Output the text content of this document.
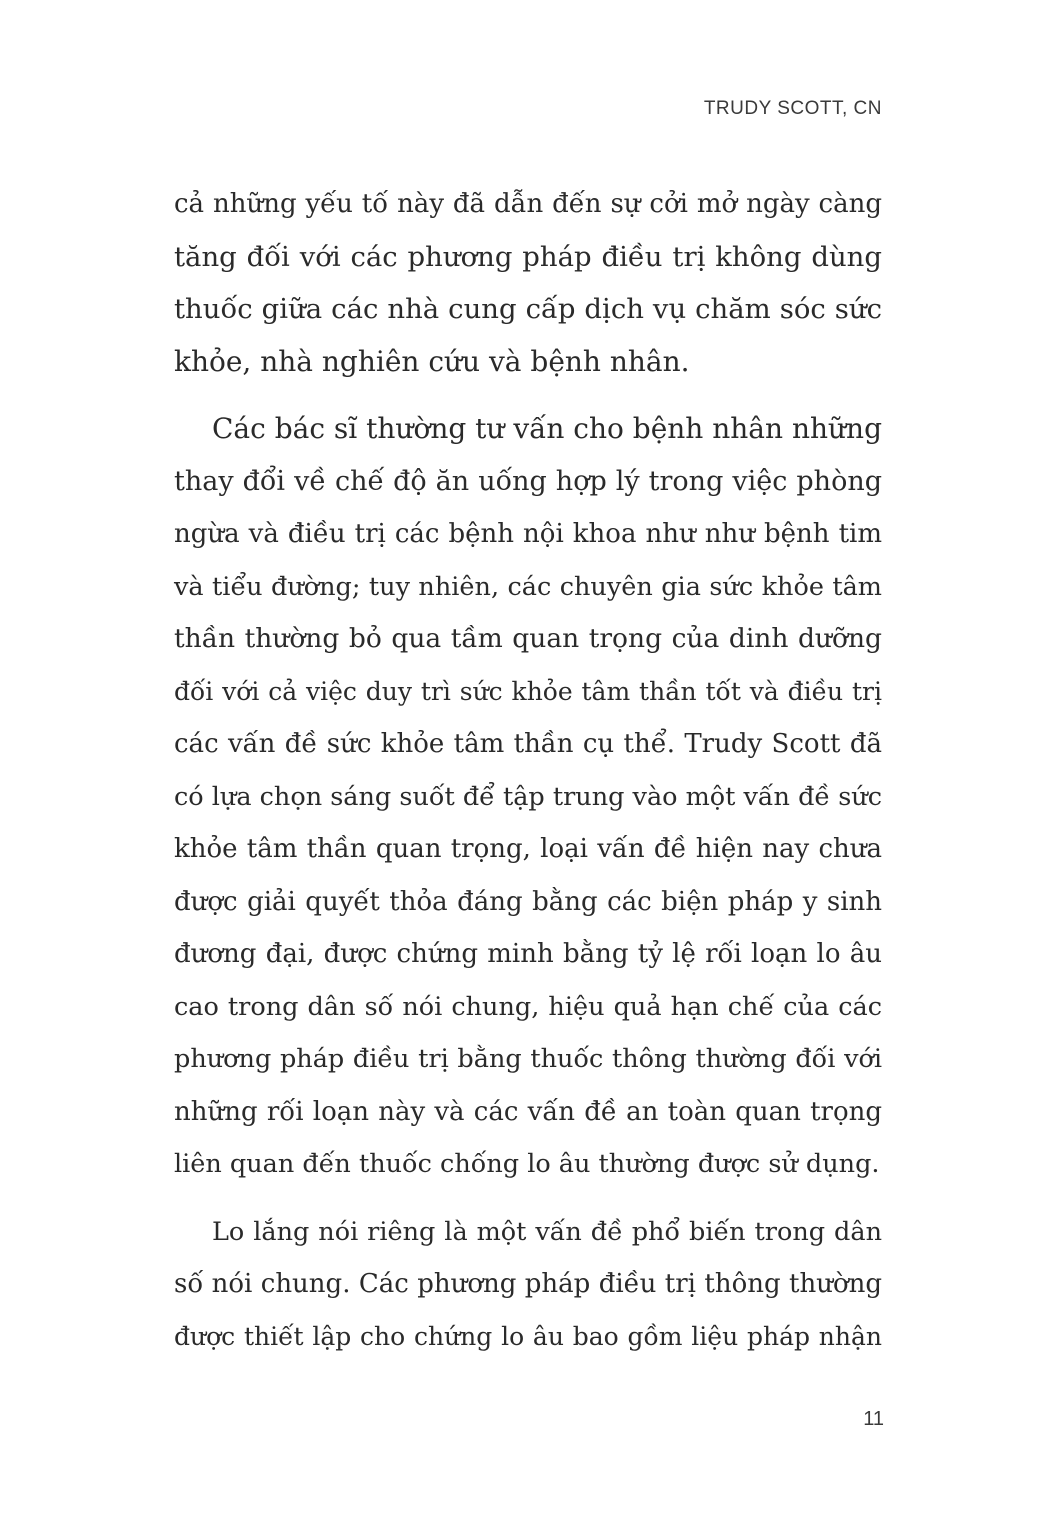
TRUDY SCOTT, CN
cả những yếu tố này đã dẫn đến sự cởi mở ngày càng
tăng đối với các phương pháp điều trị không dùng
thuốc giữa các nhà cung cấp dịch vụ chăm sóc sức
khỏe, nhà nghiên cứu và bệnh nhân.
Các bác sĩ thường tư vấn cho bệnh nhân những
thay đổi về chế độ ăn uống hợp lý trong việc phòng
ngừa và điều trị các bệnh nội khoa như như bệnh tim
và tiểu đường; tuy nhiên, các chuyên gia sức khỏe tâm
thần thường bỏ qua tầm quan trọng của dinh dưỡng
đối với cả việc duy trì sức khỏe tâm thần tốt và điều trị
các vấn đề sức khỏe tâm thần cụ thể. Trudy Scott đã
có lựa chọn sáng suốt để tập trung vào một vấn đề sức
khỏe tâm thần quan trọng, loại vấn đề hiện nay chưa
được giải quyết thỏa đáng bằng các biện pháp y sinh
đương đại, được chứng minh bằng tỷ lệ rối loạn lo âu
cao trong dân số nói chung, hiệu quả hạn chế của các
phương pháp điều trị bằng thuốc thông thường đối với
những rối loạn này và các vấn đề an toàn quan trọng
liên quan đến thuốc chống lo âu thường được sử dụng.
Lo lắng nói riêng là một vấn đề phổ biến trong dân
số nói chung. Các phương pháp điều trị thông thường
được thiết lập cho chứng lo âu bao gồm liệu pháp nhận
11
